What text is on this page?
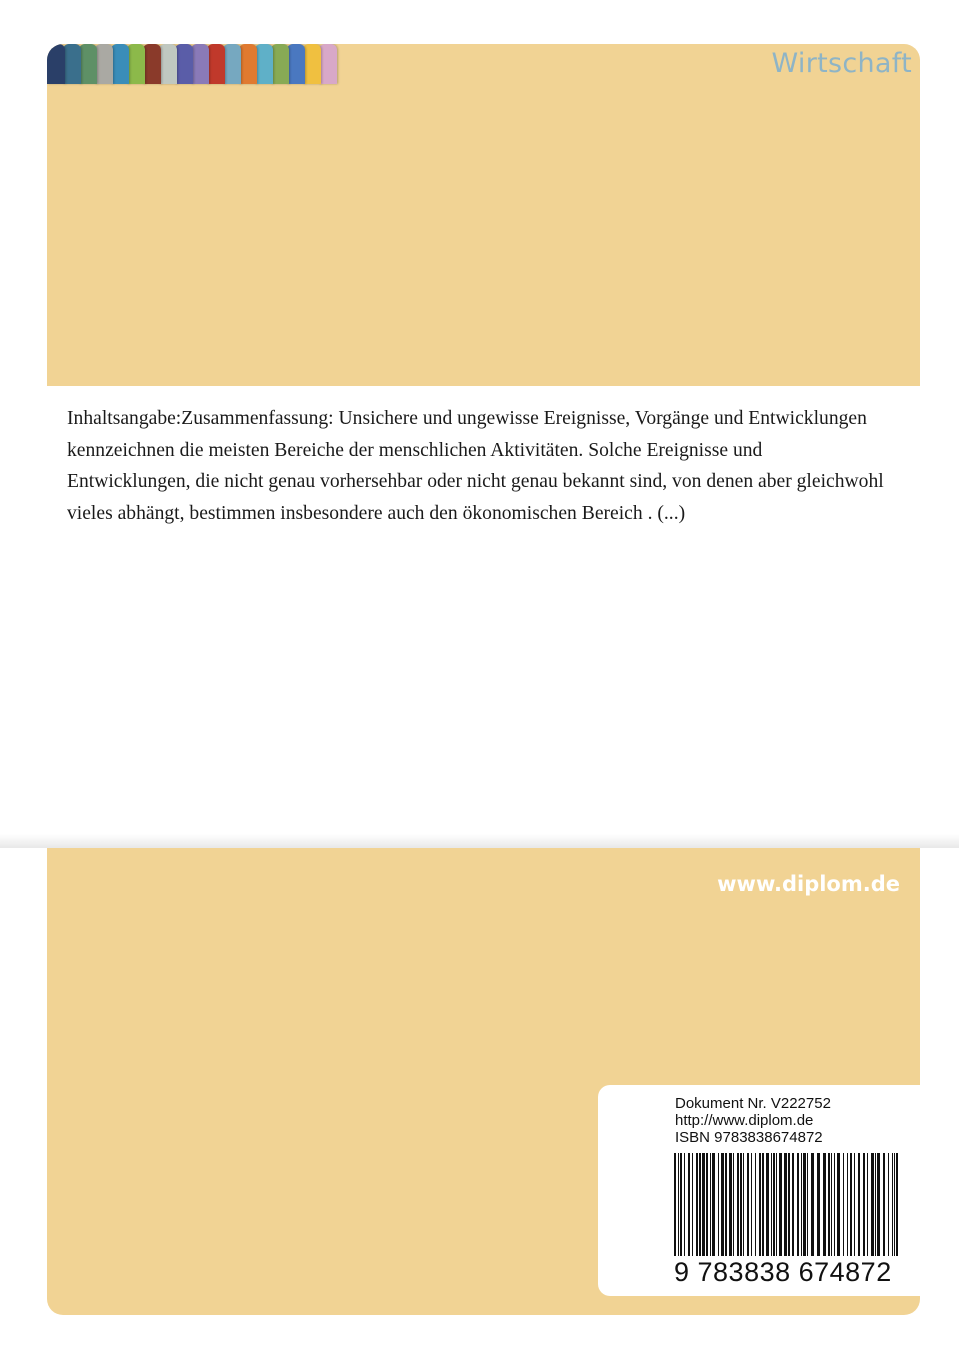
Wirtschaft

Inhaltsangabe:Zusammenfassung: Unsichere und ungewisse Ereignisse, Vorgänge und Entwicklungen kennzeichnen die meisten Bereiche der menschlichen Aktivitäten. Solche Ereignisse und Entwicklungen, die nicht genau vorhersehbar oder nicht genau bekannt sind, von denen aber gleichwohl vieles abhängt, bestimmen insbesondere auch den ökonomischen Bereich . (...)

www.diplom.de
Dokument Nr. V222752
http://www.diplom.de
ISBN 9783838674872
9 783838 674872
